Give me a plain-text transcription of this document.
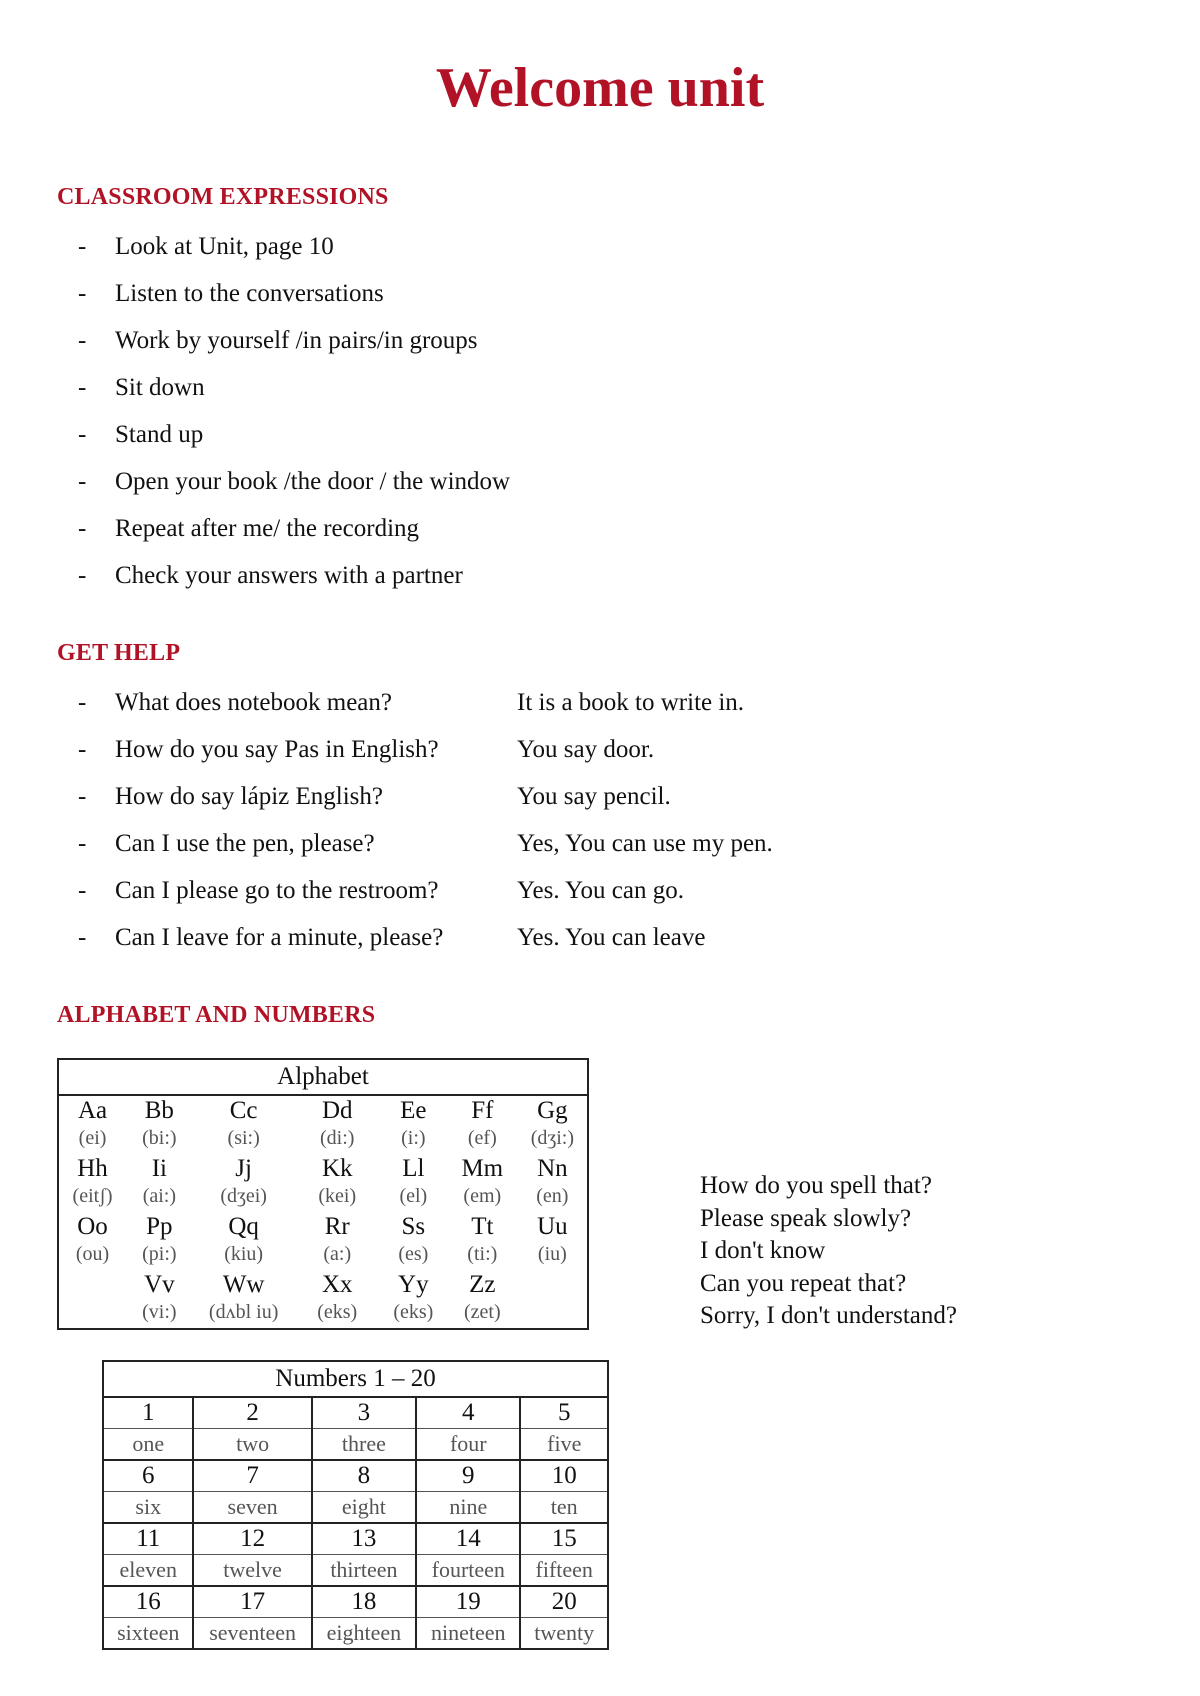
Welcome unit
CLASSROOM EXPRESSIONS
- Look at Unit, page 10
- Listen to the conversations
- Work by yourself /in pairs/in groups
- Sit down
- Stand up
- Open your book /the door / the window
- Repeat after me/ the recording
- Check your answers with a partner
GET HELP
- What does notebook mean?	It is a book to write in.
- How do you say Pas in English?	You say door.
- How do say lápiz English?	You say pencil.
- Can I use the pen, please?	Yes, You can use my pen.
- Can I please go to the restroom?	Yes. You can go.
- Can I leave for a minute, please?	Yes. You can leave
ALPHABET AND NUMBERS
Alphabet						
Aa	Bb	Cc	Dd	Ee	Ff	Gg
(ei)	(bi:)	(si:)	(di:)	(i:)	(ef)	(dʒi:)
Hh	Ii	Jj	Kk	Ll	Mm	Nn
(eitʃ)	(ai:)	(dʒei)	(kei)	(el)	(em)	(en)
Oo	Pp	Qq	Rr	Ss	Tt	Uu
(ou)	(pi:)	(kiu)	(a:)	(es)	(ti:)	(iu)
	Vv	Ww	Xx	Yy	Zz	
	(vi:)	(dʌbl iu)	(eks)	(eks)	(zet)	
Numbers 1 – 20				
1	2	3	4	5
one	two	three	four	five
6	7	8	9	10
six	seven	eight	nine	ten
11	12	13	14	15
eleven	twelve	thirteen	fourteen	fifteen
16	17	18	19	20
sixteen	seventeen	eighteen	nineteen	twenty
How do you spell that?
Please speak slowly?
I don't know
Can you repeat that?
Sorry, I don't understand?
